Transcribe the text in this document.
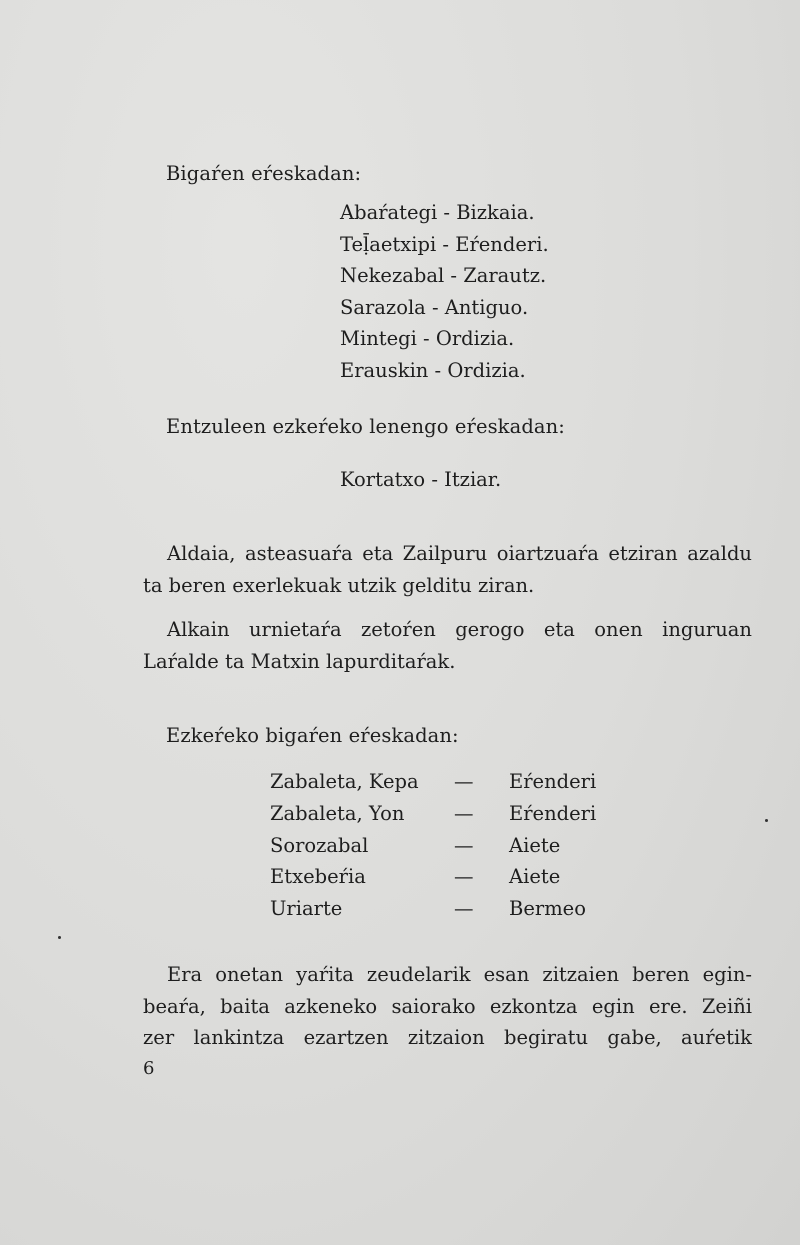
Bigaŕen eŕeskadan:
Abaŕategi - Bizkaia.
Teḹaetxipi - Eŕenderi.
Nekezabal - Zarautz.
Sarazola - Antiguo.
Mintegi - Ordizia.
Erauskin - Ordizia.
Entzuleen ezkeŕeko lenengo eŕeskadan:
Kortatxo - Itziar.
Aldaia, asteasuaŕa eta Zailpuru oiartzuaŕa etziran azaldu
ta beren exerlekuak utzik gelditu ziran.
Alkain urnietaŕa zetoŕen gerogo eta onen inguruan
Laŕalde ta Matxin lapurditaŕak.
Ezkeŕeko bigaŕen eŕeskadan:
Zabaleta, Kepa	—	Eŕenderi
Zabaleta, Yon	—	Eŕenderi
Sorozabal	—	Aiete
Etxebeŕia	—	Aiete
Uriarte	—	Bermeo
Era onetan yaŕita zeudelarik esan zitzaien beren egin-
beaŕa, baita azkeneko saiorako ezkontza egin ere. Zeiñi
zer lankintza ezartzen zitzaion begiratu gabe, auŕetik
6
